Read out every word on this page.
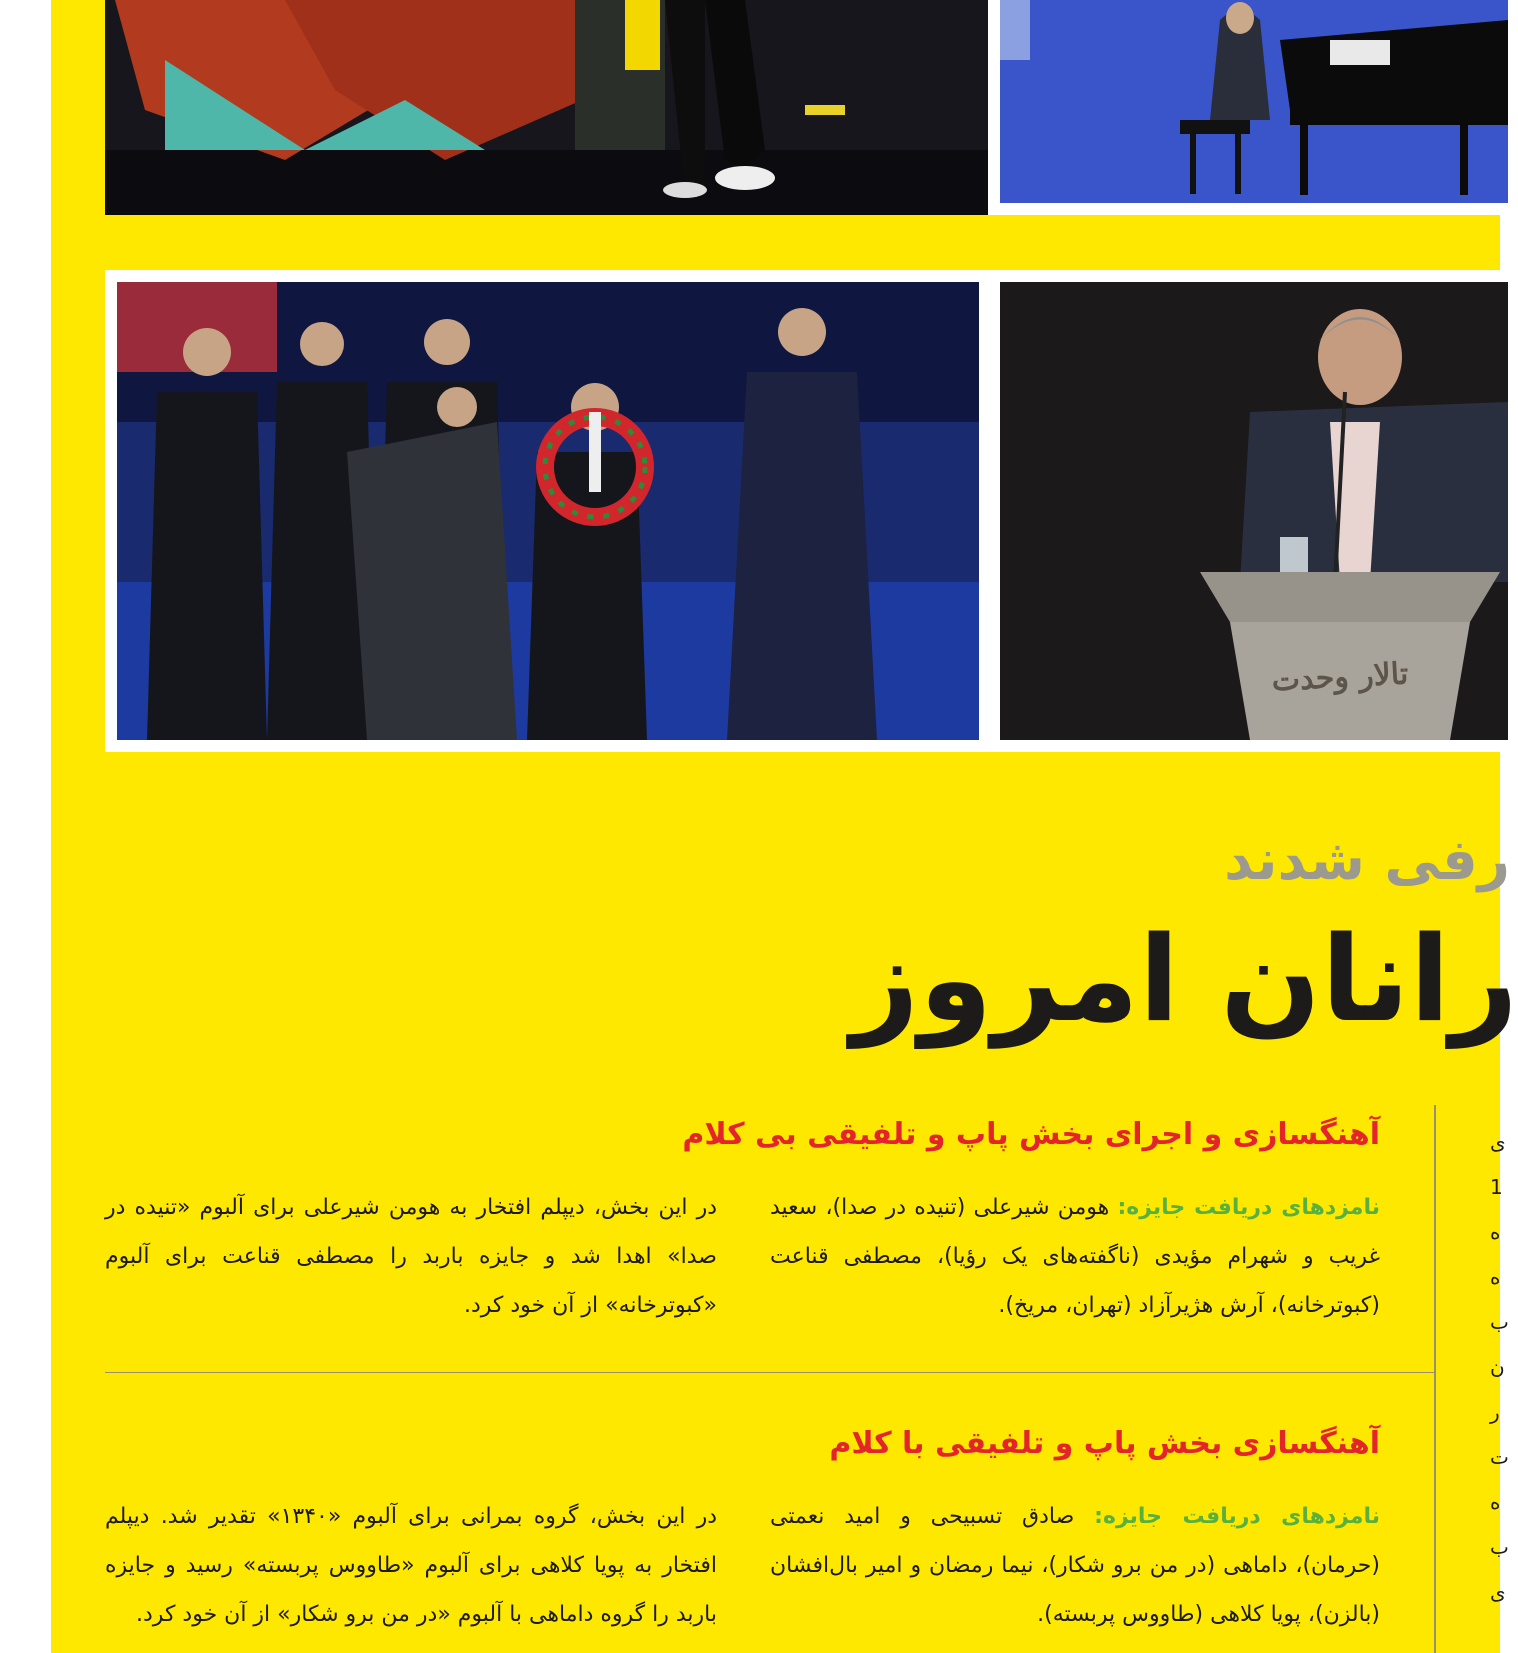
تالار وحدت
رفی شدند
رانان امروز
آهنگسازی و اجرای بخش پاپ و تلفیقی بی کلام

نامزدهای دریافت جایزه: هومن شیرعلی (تنیده در صدا)، سعید غریب و شهرام مؤیدی (ناگفته‌های یک رؤیا)، مصطفی قناعت (کبوترخانه)، آرش هژیرآزاد (تهران، مریخ).

در این بخش، دیپلم افتخار به هومن شیرعلی برای آلبوم «تنیده در صدا» اهدا شد و جایزه باربد را مصطفی قناعت برای آلبوم «کبوترخانه» از آن خود کرد.

آهنگسازی بخش پاپ و تلفیقی با کلام

نامزدهای دریافت جایزه: صادق تسبیحی و امید نعمتی (حرمان)، داماهی (در من برو شکار)، نیما رمضان و امیر بال‌افشان (بالزن)، پویا کلاهی (طاووس پربسته).

در این بخش، گروه بمرانی برای آلبوم «۱۳۴۰» تقدیر شد. دیپلم افتخار به پویا کلاهی برای آلبوم «طاووس پربسته» رسید و جایزه باربد را گروه داماهی با آلبوم «در من برو شکار» از آن خود کرد.

ی
1
ه
ه
ب
ن
ر
ت
ه
ب
ی
